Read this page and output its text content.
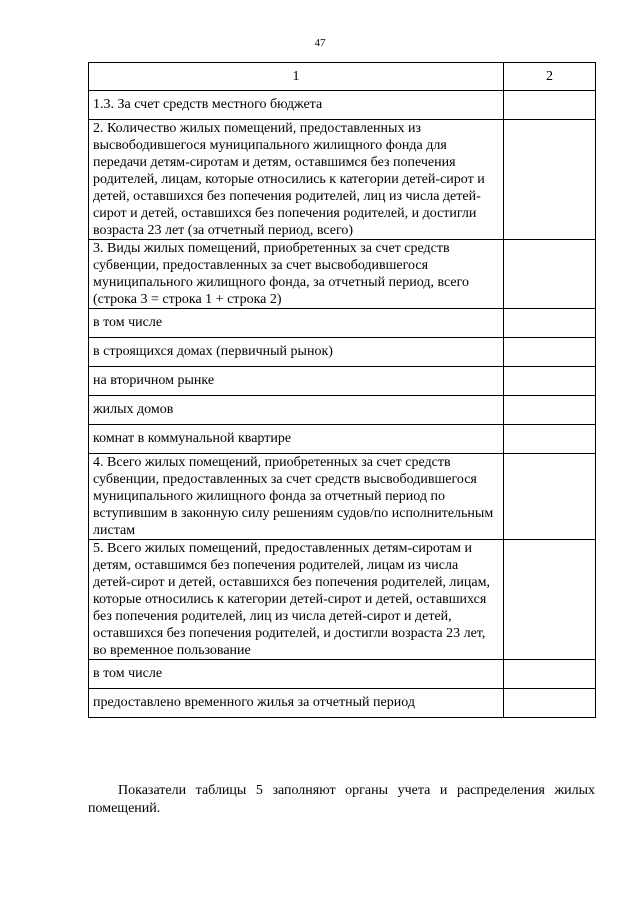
47
1	2
1.3. За счет средств местного бюджета	
2. Количество жилых помещений, предоставленных из высвободившегося муниципального жилищного фонда для передачи детям-сиротам и детям, оставшимся без попечения родителей, лицам, которые относились к категории детей-сирот и детей, оставшихся без попечения родителей, лиц из числа детей-сирот и детей, оставшихся без попечения родителей, и достигли возраста 23 лет (за отчетный период, всего)	
3. Виды жилых помещений, приобретенных за счет средств субвенции, предоставленных за счет высвободившегося муниципального жилищного фонда, за отчетный период, всего (строка 3 = строка 1 + строка 2)	
в том числе	
в строящихся домах (первичный рынок)	
на вторичном рынке	
жилых домов	
комнат в коммунальной квартире	
4. Всего жилых помещений, приобретенных за счет средств субвенции, предоставленных за счет средств высвободившегося муниципального жилищного фонда за отчетный период по вступившим в законную силу решениям судов/по исполнительным листам	
5. Всего жилых помещений, предоставленных детям-сиротам и детям, оставшимся без попечения родителей, лицам из числа детей-сирот и детей, оставшихся без попечения родителей, лицам, которые относились к категории детей-сирот и детей, оставшихся без попечения родителей, лиц из числа детей-сирот и детей, оставшихся без попечения родителей, и достигли возраста 23 лет, во временное пользование	
в том числе	
предоставлено временного жилья за отчетный период	

Показатели таблицы 5 заполняют органы учета и распределения жилых помещений.
